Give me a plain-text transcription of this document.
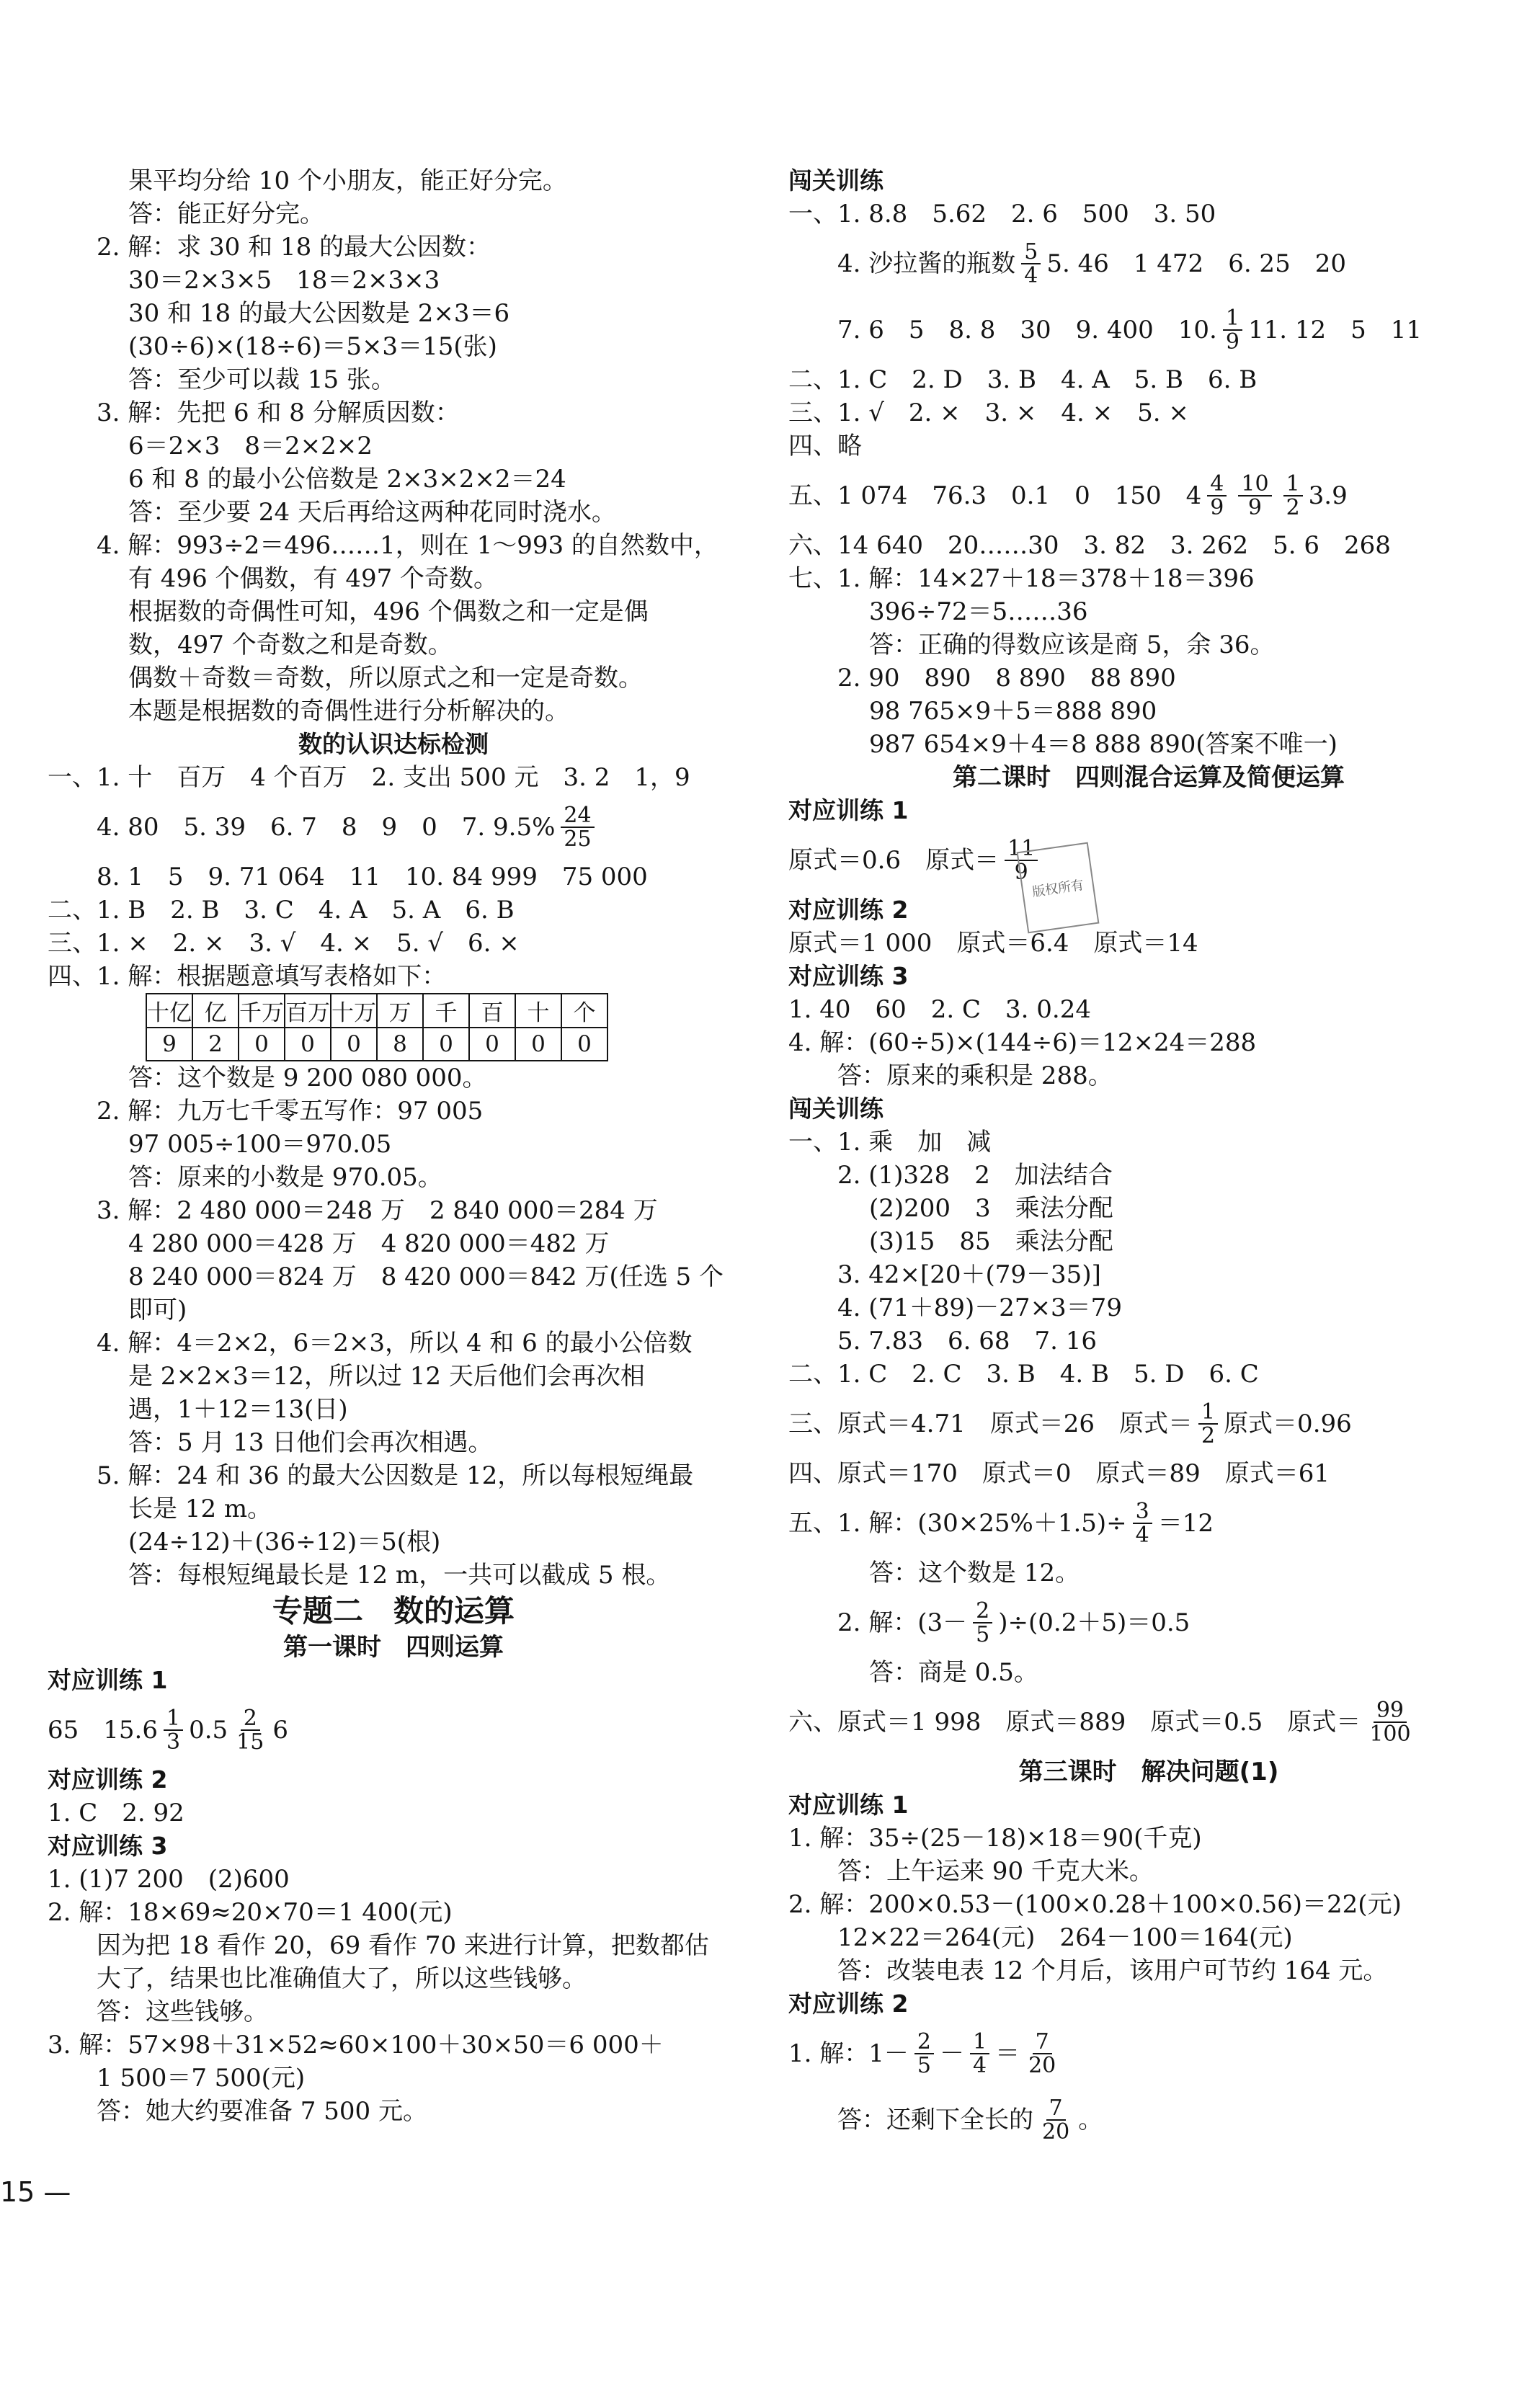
果平均分给 10 个小朋友，能正好分完。
答：能正好分完。
2. 解：求 30 和 18 的最大公因数：
30＝2×3×5　18＝2×3×3
30 和 18 的最大公因数是 2×3＝6
(30÷6)×(18÷6)＝5×3＝15(张)
答：至少可以裁 15 张。
3. 解：先把 6 和 8 分解质因数：
6＝2×3　8＝2×2×2
6 和 8 的最小公倍数是 2×3×2×2＝24
答：至少要 24 天后再给这两种花同时浇水。
4. 解：993÷2＝496……1，则在 1～993 的自然数中，
有 496 个偶数，有 497 个奇数。
根据数的奇偶性可知，496 个偶数之和一定是偶
数，497 个奇数之和是奇数。
偶数＋奇数＝奇数，所以原式之和一定是奇数。
本题是根据数的奇偶性进行分析解决的。
数的认识达标检测
一、1. 十　百万　4 个百万　2. 支出 500 元　3. 2　1，9
4. 80　5. 39　6. 7　8　9　0　7. $9.5\% \frac{24}{25}$
8. 1　5　9. 71 064　11　10. 84 999　75 000
二、1. B　2. B　3. C　4. A　5. A　6. B
三、1. ×　2. ×　3. √　4. ×　5. √　6. ×
四、1. 解：根据题意填写表格如下：
十亿	亿	千万	百万	十万	万	千	百	十	个
9	2	0	0	0	8	0	0	0	0
答：这个数是 9 200 080 000。
2. 解：九万七千零五写作：97 005
97 005÷100＝970.05
答：原来的小数是 970.05。
3. 解：2 480 000＝248 万　2 840 000＝284 万
4 280 000＝428 万　4 820 000＝482 万
8 240 000＝824 万　8 420 000＝842 万(任选 5 个
即可)
4. 解：4＝2×2，6＝2×3，所以 4 和 6 的最小公倍数
是 2×2×3＝12，所以过 12 天后他们会再次相
遇，1＋12＝13(日)
答：5 月 13 日他们会再次相遇。
5. 解：24 和 36 的最大公因数是 12，所以每根短绳最
长是 12 m。
(24÷12)＋(36÷12)＝5(根)
答：每根短绳最长是 12 m，一共可以截成 5 根。
专题二　数的运算
第一课时　四则运算
对应训练 1
65　$15.6 \frac{1}{3} 0.5 \frac{2}{15} 6$
对应训练 2
1. C　2. 92
对应训练 3
1. (1)7 200　(2)600
2. 解：18×69≈20×70＝1 400(元)
因为把 18 看作 20，69 看作 70 来进行计算，把数都估
大了，结果也比准确值大了，所以这些钱够。
答：这些钱够。
3. 解：57×98＋31×52≈60×100＋30×50＝6 000＋
1 500＝7 500(元)
答：她大约要准备 7 500 元。
闯关训练
一、1. 8.8　5.62　2. 6　500　3. 50
4. 沙拉酱的瓶数 $\frac{5}{4} 5$. 46　1 472　6. 25　20
7. 6　5　8. 8　30　9. 400　10. $\frac{1}{9} 11$. 12　5　11
二、1. C　2. D　3. B　4. A　5. B　6. B
三、1. √　2. ×　3. ×　4. ×　5. ×
四、略
五、1 074　76.3　0.1　0　150　$4 \frac{4}{9} \frac{10}{9} \frac{1}{2} 3.9$
六、14 640　20……30　3. 82　3. 262　5. 6　268
七、1. 解：14×27＋18＝378＋18＝396
396÷72＝5……36
答：正确的得数应该是商 5，余 36。
2. 90　890　8 890　88 890
98 765×9＋5＝888 890
987 654×9＋4＝8 888 890(答案不唯一)
第二课时　四则混合运算及简便运算
对应训练 1
原式＝0.6　原式＝ $\frac{11}{9}$
对应训练 2
原式＝1 000　原式＝6.4　原式＝14
对应训练 3
1. 40　60　2. C　3. 0.24
4. 解：(60÷5)×(144÷6)＝12×24＝288
答：原来的乘积是 288。
闯关训练
一、1. 乘　加　减
2. (1)328　2　加法结合
(2)200　3　乘法分配
(3)15　85　乘法分配
3. 42×[20＋(79－35)]
4. (71＋89)－27×3＝79
5. 7.83　6. 68　7. 16
二、1. C　2. C　3. B　4. B　5. D　6. C
三、原式＝4.71　原式＝26　原式＝ $\frac{1}{2}$ 原式＝0.96
四、原式＝170　原式＝0　原式＝89　原式＝61
五、1. 解：$(30\times 25\%+1.5)\div \frac{3}{4} =12$
答：这个数是 12。
2. 解：$(3- \frac{2}{5} )\div(0.2+5)=0.5$
答：商是 0.5。
六、原式＝1 998　原式＝889　原式＝0.5　原式＝ $\frac{99}{100}$
第三课时　解决问题(1)
对应训练 1
1. 解：35÷(25－18)×18＝90(千克)
答：上午运来 90 千克大米。
2. 解：200×0.53－(100×0.28＋100×0.56)＝22(元)
12×22＝264(元)　264－100＝164(元)
答：改装电表 12 个月后，该用户可节约 164 元。
对应训练 2
1. 解：$1- \frac{2}{5} - \frac{1}{4} = \frac{7}{20}$
答：还剩下全长的 $\frac{7}{20}$ 。
版权所有
15 —
